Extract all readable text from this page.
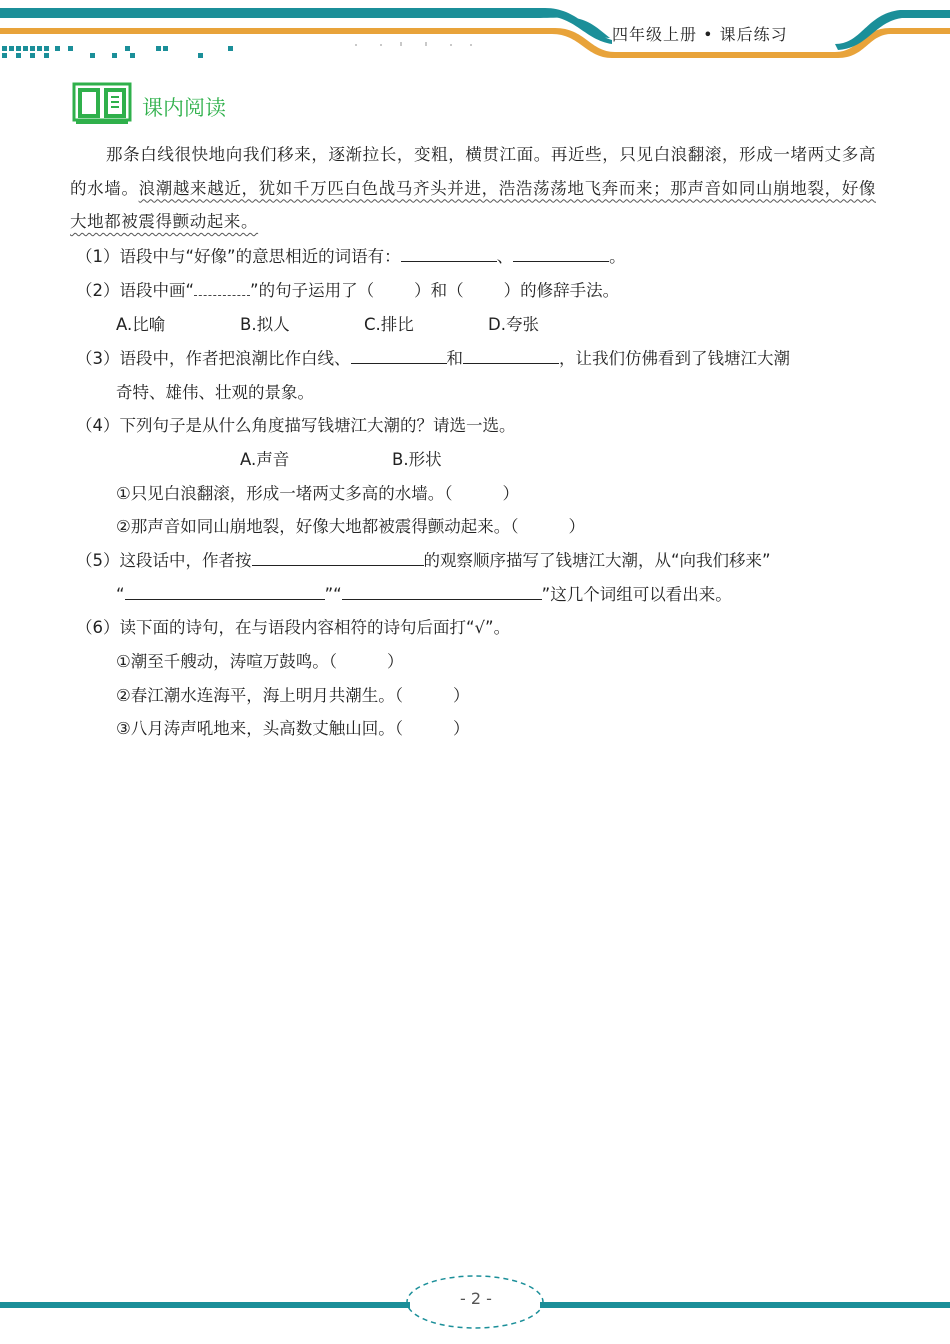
四年级上册 • 课后练习
课内阅读

那条白线很快地向我们移来，逐渐拉长，变粗，横贯江面。再近些，只见白浪翻滚，形成一堵两丈多高的水墙。浪潮越来越近，犹如千万匹白色战马齐头并进，浩浩荡荡地飞奔而来；那声音如同山崩地裂，好像大地都被震得颤动起来。

（1）语段中与“好像”的意思相近的词语有：	、	。
（2）语段中画“	”的句子运用了（ ）和（ ）的修辞手法。
A.比喻	B.拟人	C.排比	D.夸张
（3）语段中，作者把浪潮比作白线、	和	，让我们仿佛看到了钱塘江大潮
奇特、雄伟、壮观的景象。
（4）下列句子是从什么角度描写钱塘江大潮的？请选一选。
A.声音	B.形状
①只见白浪翻滚，形成一堵两丈多高的水墙。（	）
②那声音如同山崩地裂，好像大地都被震得颤动起来。（	）
（5）这段话中，作者按	的观察顺序描写了钱塘江大潮，从“向我们移来”
“	”“	”这几个词组可以看出来。
（6）读下面的诗句，在与语段内容相符的诗句后面打“√”。
①潮至千艘动，涛喧万鼓鸣。（	）
②春江潮水连海平，海上明月共潮生。（	）
③八月涛声吼地来，头高数丈触山回。（	）
- 2 -
